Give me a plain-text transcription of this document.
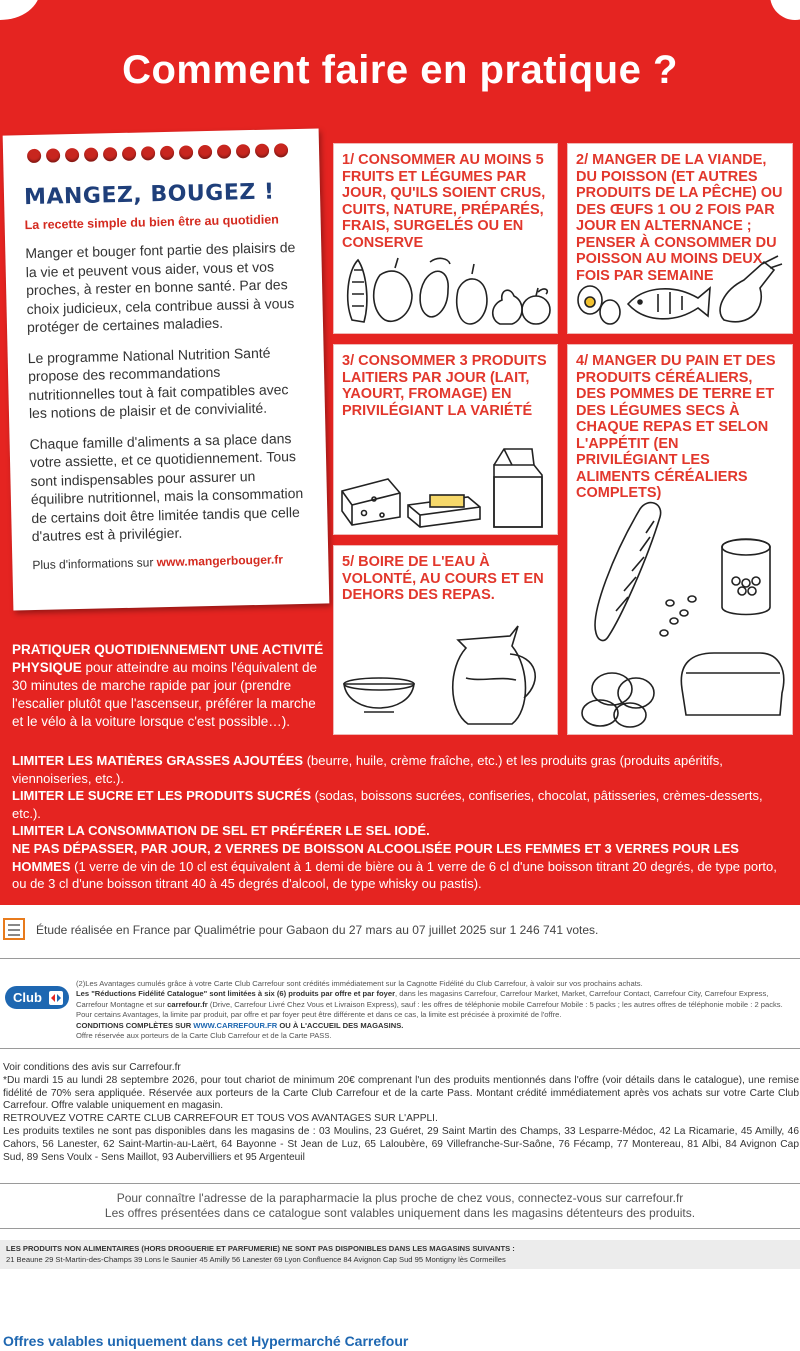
Comment faire en pratique ?
MANGEZ, BOUGEZ !
La recette simple du bien être au quotidien

Manger et bouger font partie des plaisirs de la vie et peuvent vous aider, vous et vos proches, à rester en bonne santé. Par des choix judicieux, cela contribue aussi à vous protéger de certaines maladies.

Le programme National Nutrition Santé propose des recommandations nutritionnelles tout à fait compatibles avec les notions de plaisir et de convivialité.

Chaque famille d'aliments a sa place dans votre assiette, et ce quotidiennement. Tous sont indispensables pour assurer un équilibre nutritionnel, mais la consommation de certains doit être limitée tandis que celle d'autres est à privilégier.

Plus d'informations sur www.mangerbouger.fr

1/ CONSOMMER AU MOINS 5 FRUITS ET LÉGUMES PAR JOUR, QU'ILS SOIENT CRUS, CUITS, NATURE, PRÉPARÉS, FRAIS, SURGELÉS OU EN CONSERVE
2/ MANGER DE LA VIANDE, DU POISSON (ET AUTRES PRODUITS DE LA PÊCHE) OU DES ŒUFS 1 OU 2 FOIS PAR JOUR EN ALTERNANCE ; PENSER À CONSOMMER DU POISSON AU MOINS DEUX FOIS PAR SEMAINE
3/ CONSOMMER 3 PRODUITS LAITIERS PAR JOUR (LAIT, YAOURT, FROMAGE) EN PRIVILÉGIANT LA VARIÉTÉ
4/ MANGER DU PAIN ET DES PRODUITS CÉRÉALIERS, DES POMMES DE TERRE ET DES LÉGUMES SECS À CHAQUE REPAS ET SELON L'APPÉTIT (EN PRIVILÉGIANT LES ALIMENTS CÉRÉALIERS COMPLETS)
5/ BOIRE DE L'EAU À VOLONTÉ, AU COURS ET EN DEHORS DES REPAS.
PRATIQUER QUOTIDIENNEMENT UNE ACTIVITÉ PHYSIQUE pour atteindre au moins l'équivalent de 30 minutes de marche rapide par jour (prendre l'escalier plutôt que l'ascenseur, préférer la marche et le vélo à la voiture lorsque c'est possible…).
LIMITER LES MATIÈRES GRASSES AJOUTÉES (beurre, huile, crème fraîche, etc.) et les produits gras (produits apéritifs, viennoiseries, etc.).
LIMITER LE SUCRE ET LES PRODUITS SUCRÉS (sodas, boissons sucrées, confiseries, chocolat, pâtisseries, crèmes-desserts, etc.).
LIMITER LA CONSOMMATION DE SEL ET PRÉFÉRER LE SEL IODÉ.
NE PAS DÉPASSER, PAR JOUR, 2 VERRES DE BOISSON ALCOOLISÉE POUR LES FEMMES ET 3 VERRES POUR LES HOMMES (1 verre de vin de 10 cl est équivalent à 1 demi de bière ou à 1 verre de 6 cl d'une boisson titrant 20 degrés, de type porto, ou de 3 cl d'une boisson titrant 40 à 45 degrés d'alcool, de type whisky ou pastis).
Étude réalisée en France par Qualimétrie pour Gabaon du 27 mars au 07 juillet 2025 sur 1 246 741 votes.
Club
(2)Les Avantages cumulés grâce à votre Carte Club Carrefour sont crédités immédiatement sur la Cagnotte Fidélité du Club Carrefour, à valoir sur vos prochains achats.
Les "Réductions Fidélité Catalogue" sont limitées à six (6) produits par offre et par foyer, dans les magasins Carrefour, Carrefour Market, Market, Carrefour Contact, Carrefour City, Carrefour Express, Carrefour Montagne et sur carrefour.fr (Drive, Carrefour Livré Chez Vous et Livraison Express), sauf : les offres de téléphonie mobile Carrefour Mobile : 5 packs ; les autres offres de téléphonie mobile : 2 packs.
Pour certains Avantages, la limite par produit, par offre et par foyer peut être différente et dans ce cas, la limite est précisée à proximité de l'offre.
CONDITIONS COMPLÈTES SUR WWW.CARREFOUR.FR OU À L'ACCUEIL DES MAGASINS.
Offre réservée aux porteurs de la Carte Club Carrefour et de la Carte PASS.
Voir conditions des avis sur Carrefour.fr
*Du mardi 15 au lundi 28 septembre 2026, pour tout chariot de minimum 20€ comprenant l'un des produits mentionnés dans l'offre (voir détails dans le catalogue), une remise fidélité de 70% sera appliquée. Réservée aux porteurs de la Carte Club Carrefour et de la carte Pass. Montant crédité immédiatement après vos achats sur votre Carte Club Carrefour. Offre valable uniquement en magasin.
RETROUVEZ VOTRE CARTE CLUB CARREFOUR ET TOUS VOS AVANTAGES SUR L'APPLI.
Les produits textiles ne sont pas disponibles dans les magasins de : 03 Moulins, 23 Guéret, 29 Saint Martin des Champs, 33 Lesparre-Médoc, 42 La Ricamarie, 45 Amilly, 46 Cahors, 56 Lanester, 62 Saint-Martin-au-Laërt, 64 Bayonne - St Jean de Luz, 65 Laloubère, 69 Villefranche-Sur-Saône, 76 Fécamp, 77 Montereau, 81 Albi, 84 Avignon Cap Sud, 89 Sens Voulx - Sens Maillot, 93 Aubervilliers et 95 Argenteuil
Pour connaître l'adresse de la parapharmacie la plus proche de chez vous, connectez-vous sur carrefour.fr
Les offres présentées dans ce catalogue sont valables uniquement dans les magasins détenteurs des produits.
LES PRODUITS NON ALIMENTAIRES (HORS DROGUERIE ET PARFUMERIE) NE SONT PAS DISPONIBLES DANS LES MAGASINS SUIVANTS :
21 Beaune 29 St-Martin-des-Champs 39 Lons le Saunier 45 Amilly 56 Lanester 69 Lyon Confluence 84 Avignon Cap Sud 95 Montigny lès Cormeilles
Offres valables uniquement dans cet Hypermarché Carrefour
